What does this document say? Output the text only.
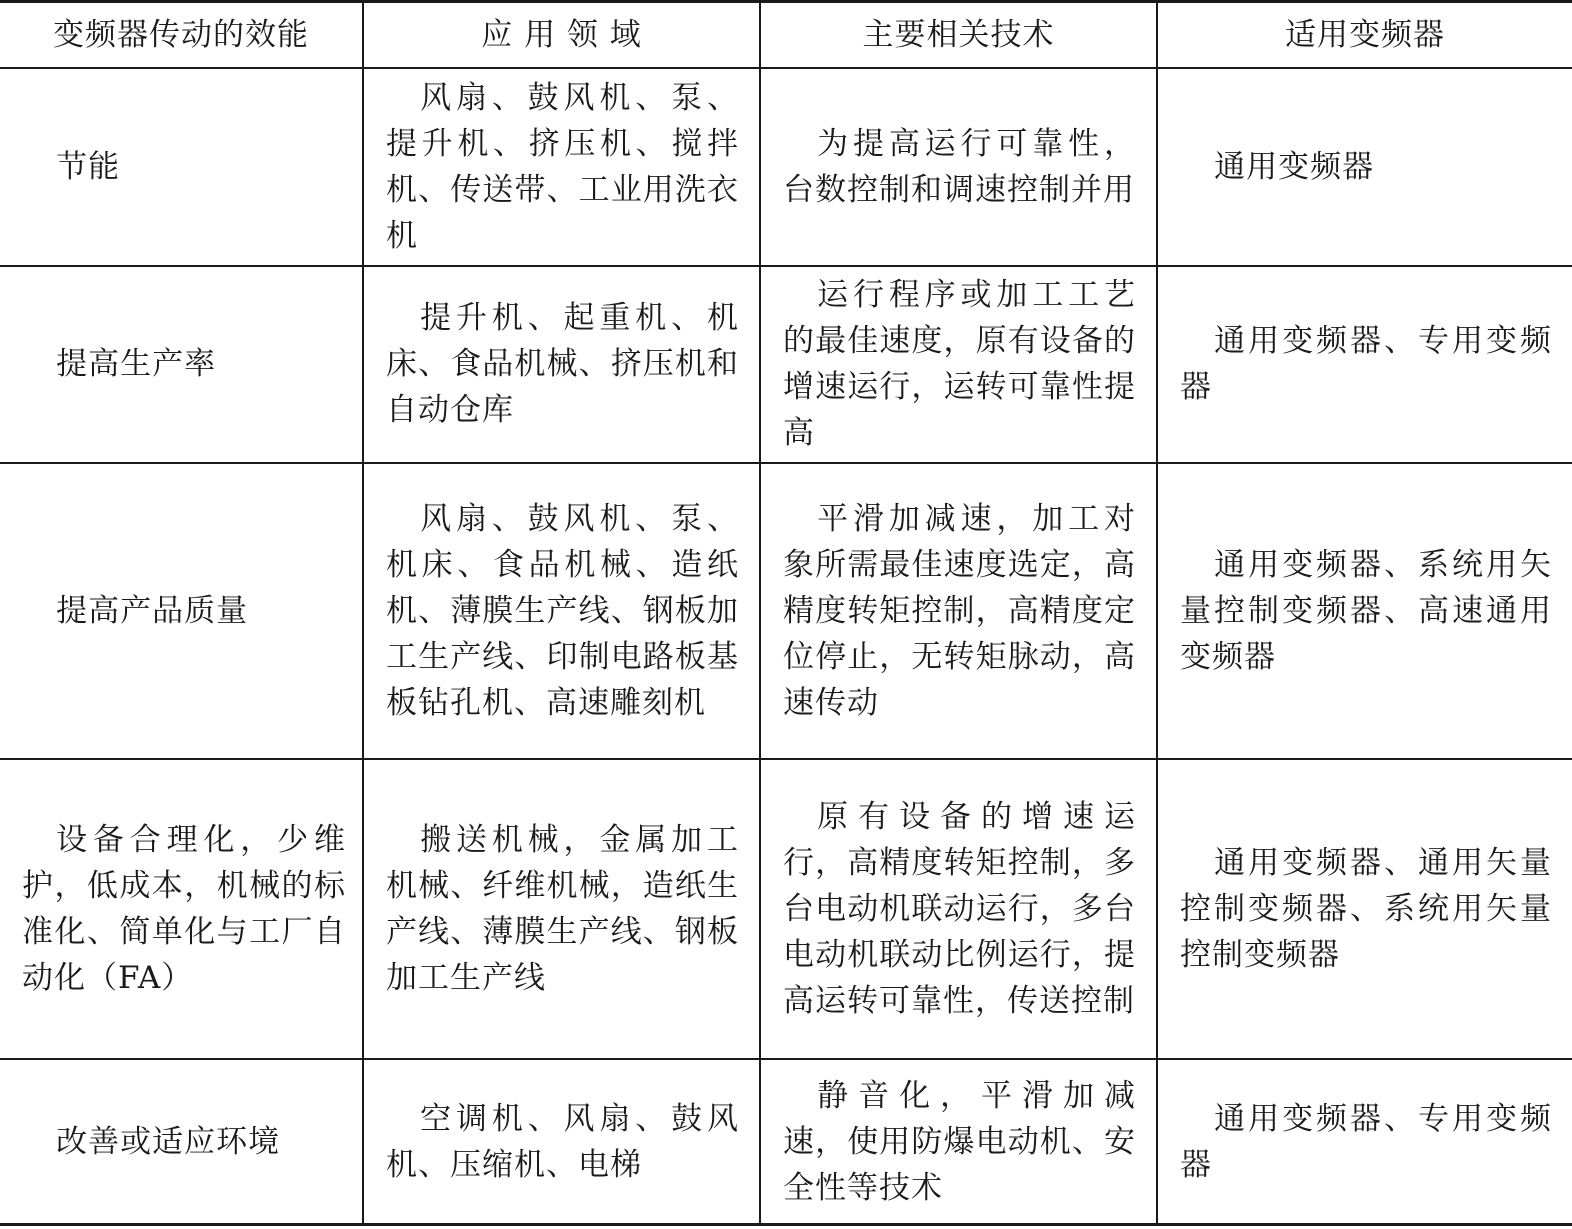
变频器传动的效能	应 用 领 域	主要相关技术	适用变频器

节能	风扇、鼓风机、泵、提升机、挤压机、搅拌机、传送带、工业用洗衣机	为提高运行可靠性，台数控制和调速控制并用	通用变频器

提高生产率	提升机、起重机、机床、食品机械、挤压机和自动仓库	运行程序或加工工艺的最佳速度，原有设备的增速运行，运转可靠性提高	通用变频器、专用变频器

提高产品质量	风扇、鼓风机、泵、机床、食品机械、造纸机、薄膜生产线、钢板加工生产线、印制电路板基板钻孔机、高速雕刻机	平滑加减速，加工对象所需最佳速度选定，高精度转矩控制，高精度定位停止，无转矩脉动，高速传动	通用变频器、系统用矢量控制变频器、高速通用变频器

设备合理化，少维护，低成本，机械的标准化、简单化与工厂自动化（FA）	搬送机械，金属加工机械、纤维机械，造纸生产线、薄膜生产线、钢板加工生产线	原有设备的增速运行，高精度转矩控制，多台电动机联动运行，多台电动机联动比例运行，提高运转可靠性，传送控制	通用变频器、通用矢量控制变频器、系统用矢量控制变频器

改善或适应环境	空调机、风扇、鼓风机、压缩机、电梯	静音化，平滑加减速，使用防爆电动机、安全性等技术	通用变频器、专用变频器
